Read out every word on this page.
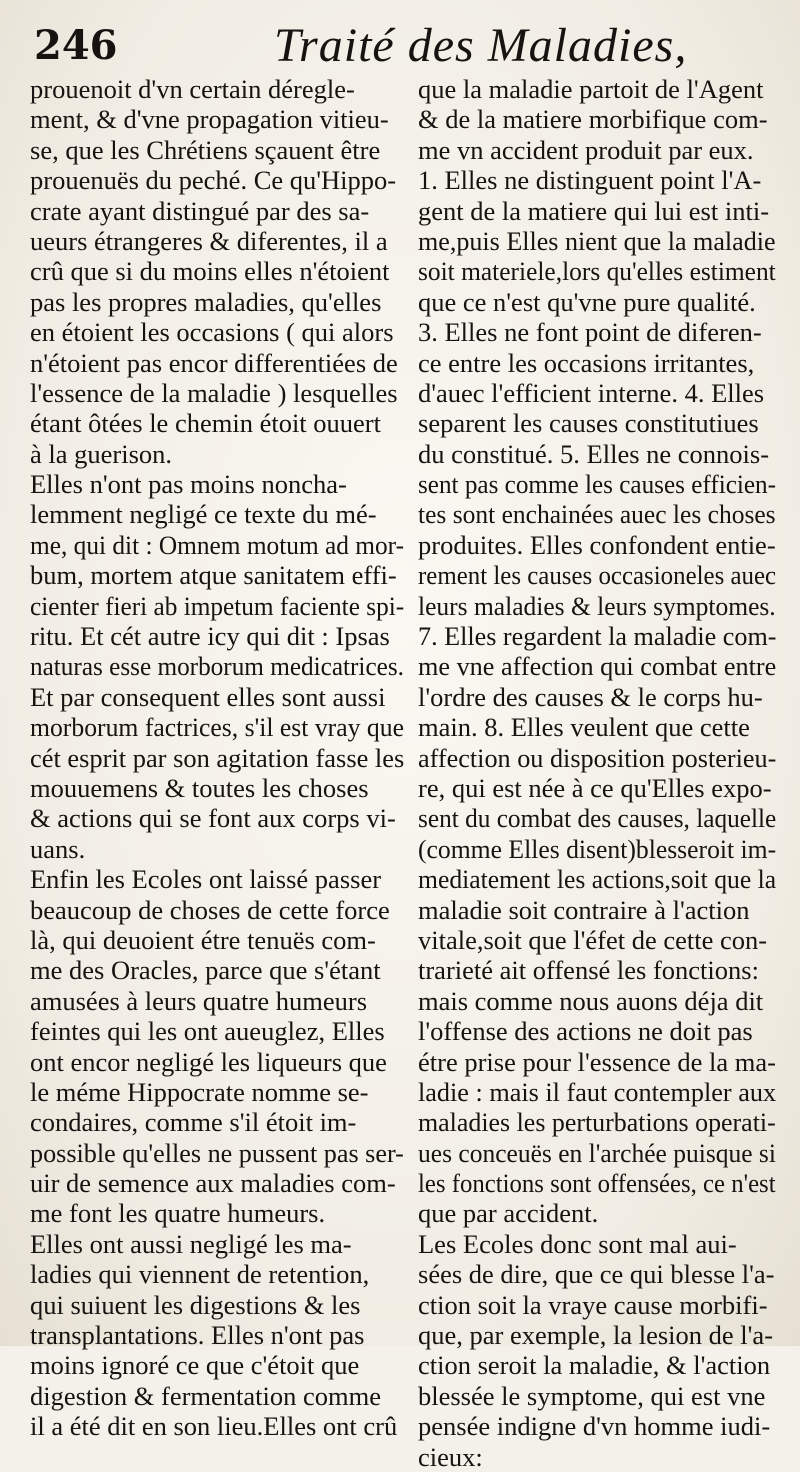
246	Traité des Maladies,
prouenoit d'vn certain déregle-
ment, & d'vne propagation vitieu-
se, que les Chrétiens sçauent être
prouenuës du peché. Ce qu'Hippo-
crate ayant distingué par des sa-
ueurs étrangeres & diferentes, il a
crû que si du moins elles n'étoient
pas les propres maladies, qu'elles
en étoient les occasions ( qui alors
n'étoient pas encor differentiées de
l'essence de la maladie ) lesquelles
étant ôtées le chemin étoit ouuert
à la guerison.
Elles n'ont pas moins noncha-
lemment negligé ce texte du mé-
me, qui dit : Omnem motum ad mor-
bum, mortem atque sanitatem effi-
cienter fieri ab impetum faciente spi-
ritu. Et cét autre icy qui dit : Ipsas
naturas esse morborum medicatrices.
Et par consequent elles sont aussi
morborum factrices, s'il est vray que
cét esprit par son agitation fasse les
mouuemens & toutes les choses
& actions qui se font aux corps vi-
uans.
Enfin les Ecoles ont laissé passer
beaucoup de choses de cette force
là, qui deuoient étre tenuës com-
me des Oracles, parce que s'étant
amusées à leurs quatre humeurs
feintes qui les ont aueuglez, Elles
ont encor negligé les liqueurs que
le méme Hippocrate nomme se-
condaires, comme s'il étoit im-
possible qu'elles ne pussent pas ser-
uir de semence aux maladies com-
me font les quatre humeurs.
Elles ont aussi negligé les ma-
ladies qui viennent de retention,
qui suiuent les digestions & les
transplantations. Elles n'ont pas
moins ignoré ce que c'étoit que
digestion & fermentation comme
il a été dit en son lieu.Elles ont crû
que la maladie partoit de l'Agent
& de la matiere morbifique com-
me vn accident produit par eux.
1. Elles ne distinguent point l'A-
gent de la matiere qui lui est inti-
me,puis Elles nient que la maladie
soit materiele,lors qu'elles estiment
que ce n'est qu'vne pure qualité.
3. Elles ne font point de diferen-
ce entre les occasions irritantes,
d'auec l'efficient interne. 4. Elles
separent les causes constitutiues
du constitué. 5. Elles ne connois-
sent pas comme les causes efficien-
tes sont enchainées auec les choses
produites. Elles confondent entie-
rement les causes occasioneles auec
leurs maladies & leurs symptomes.
7. Elles regardent la maladie com-
me vne affection qui combat entre
l'ordre des causes & le corps hu-
main. 8. Elles veulent que cette
affection ou disposition posterieu-
re, qui est née à ce qu'Elles expo-
sent du combat des causes, laquelle
(comme Elles disent)blesseroit im-
mediatement les actions,soit que la
maladie soit contraire à l'action
vitale,soit que l'éfet de cette con-
trarieté ait offensé les fonctions:
mais comme nous auons déja dit
l'offense des actions ne doit pas
étre prise pour l'essence de la ma-
ladie : mais il faut contempler aux
maladies les perturbations operati-
ues conceuës en l'archée puisque si
les fonctions sont offensées, ce n'est
que par accident.
Les Ecoles donc sont mal aui-
sées de dire, que ce qui blesse l'a-
ction soit la vraye cause morbifi-
que, par exemple, la lesion de l'a-
ction seroit la maladie, & l'action
blessée le symptome, qui est vne
pensée indigne d'vn homme iudi-
cieux:
